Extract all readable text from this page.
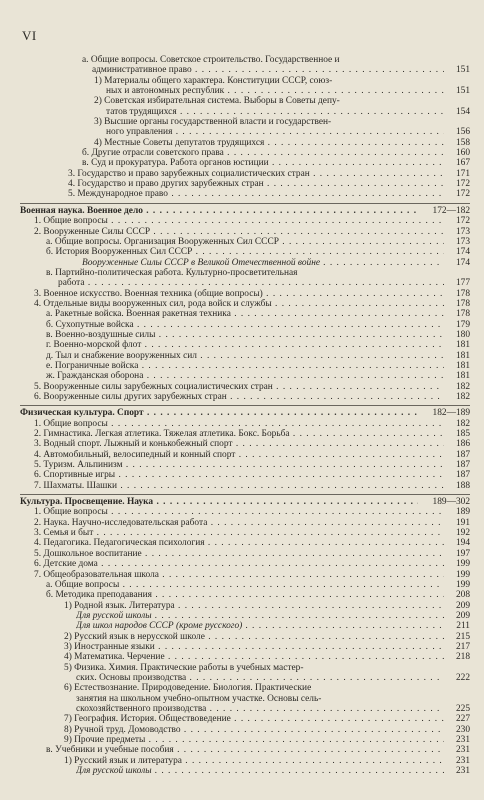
VI
а. Общие вопросы. Советское строительство. Государственное и
административное право . . .	151
1) Материалы общего характера. Конституции СССР, союз-
ных и автономных республик . . .	151
2) Советская избирательная система. Выборы в Советы депу-
татов трудящихся . . .	154
3) Высшие органы государственной власти и государствен-
ного управления . . .	156
4) Местные Советы депутатов трудящихся . . .	158
б. Другие отрасли советского права . . .	160
в. Суд и прокуратура. Работа органов юстиции . . .	167
3. Государство и право зарубежных социалистических стран . . .	171
4. Государство и право других зарубежных стран . . .	172
5. Международное право . . .	172
Военная наука. Военное дело . . .	172—182
1. Общие вопросы . . .	172
2. Вооруженные Силы СССР . . .	173
а. Общие вопросы. Организация Вооруженных Сил СССР . . .	173
б. История Вооруженных Сил СССР . . .	174
Вооруженные Силы СССР в Великой Отечественной войне . . .	174
в. Партийно-политическая работа. Культурно-просветительная
работа . . .	177
3. Военное искусство. Военная техника (общие вопросы) . . .	178
4. Отдельные виды вооруженных сил, рода войск и службы . . .	178
а. Ракетные войска. Военная ракетная техника . . .	178
б. Сухопутные войска . . .	179
в. Военно-воздушные силы . . .	180
г. Военно-морской флот . . .	181
д. Тыл и снабжение вооруженных сил . . .	181
е. Пограничные войска . . .	181
ж. Гражданская оборона . . .	181
5. Вооруженные силы зарубежных социалистических стран . . .	182
6. Вооруженные силы других зарубежных стран . . .	182
Физическая культура. Спорт . . .	182—189
1. Общие вопросы . . .	182
2. Гимнастика. Легкая атлетика. Тяжелая атлетика. Бокс. Борьба . . .	185
3. Водный спорт. Лыжный и конькобежный спорт . . .	186
4. Автомобильный, велосипедный и конный спорт . . .	187
5. Туризм. Альпинизм . . .	187
6. Спортивные игры . . .	187
7. Шахматы. Шашки . . .	188
Культура. Просвещение. Наука . . .	189—302
1. Общие вопросы . . .	189
2. Наука. Научно-исследовательская работа . . .	191
3. Семья и быт . . .	192
4. Педагогика. Педагогическая психология . . .	194
5. Дошкольное воспитание . . .	197
6. Детские дома . . .	199
7. Общеобразовательная школа . . .	199
а. Общие вопросы . . .	199
б. Методика преподавания . . .	208
1) Родной язык. Литература . . .	209
Для русской школы . . .	209
Для школ народов СССР (кроме русского) . . .	211
2) Русский язык в нерусской школе . . .	215
3) Иностранные языки . . .	217
4) Математика. Черчение . . .	218
5) Физика. Химия. Практические работы в учебных мастер-
ских. Основы производства . . .	222
6) Естествознание. Природоведение. Биология. Практические
занятия на школьном учебно-опытном участке. Основы сель-
скохозяйственного производства . . .	225
7) География. История. Обществоведение . . .	227
8) Ручной труд. Домоводство . . .	230
9) Прочие предметы . . .	231
в. Учебники и учебные пособия . . .	231
1) Русский язык и литература . . .	231
Для русской школы . . .	231
